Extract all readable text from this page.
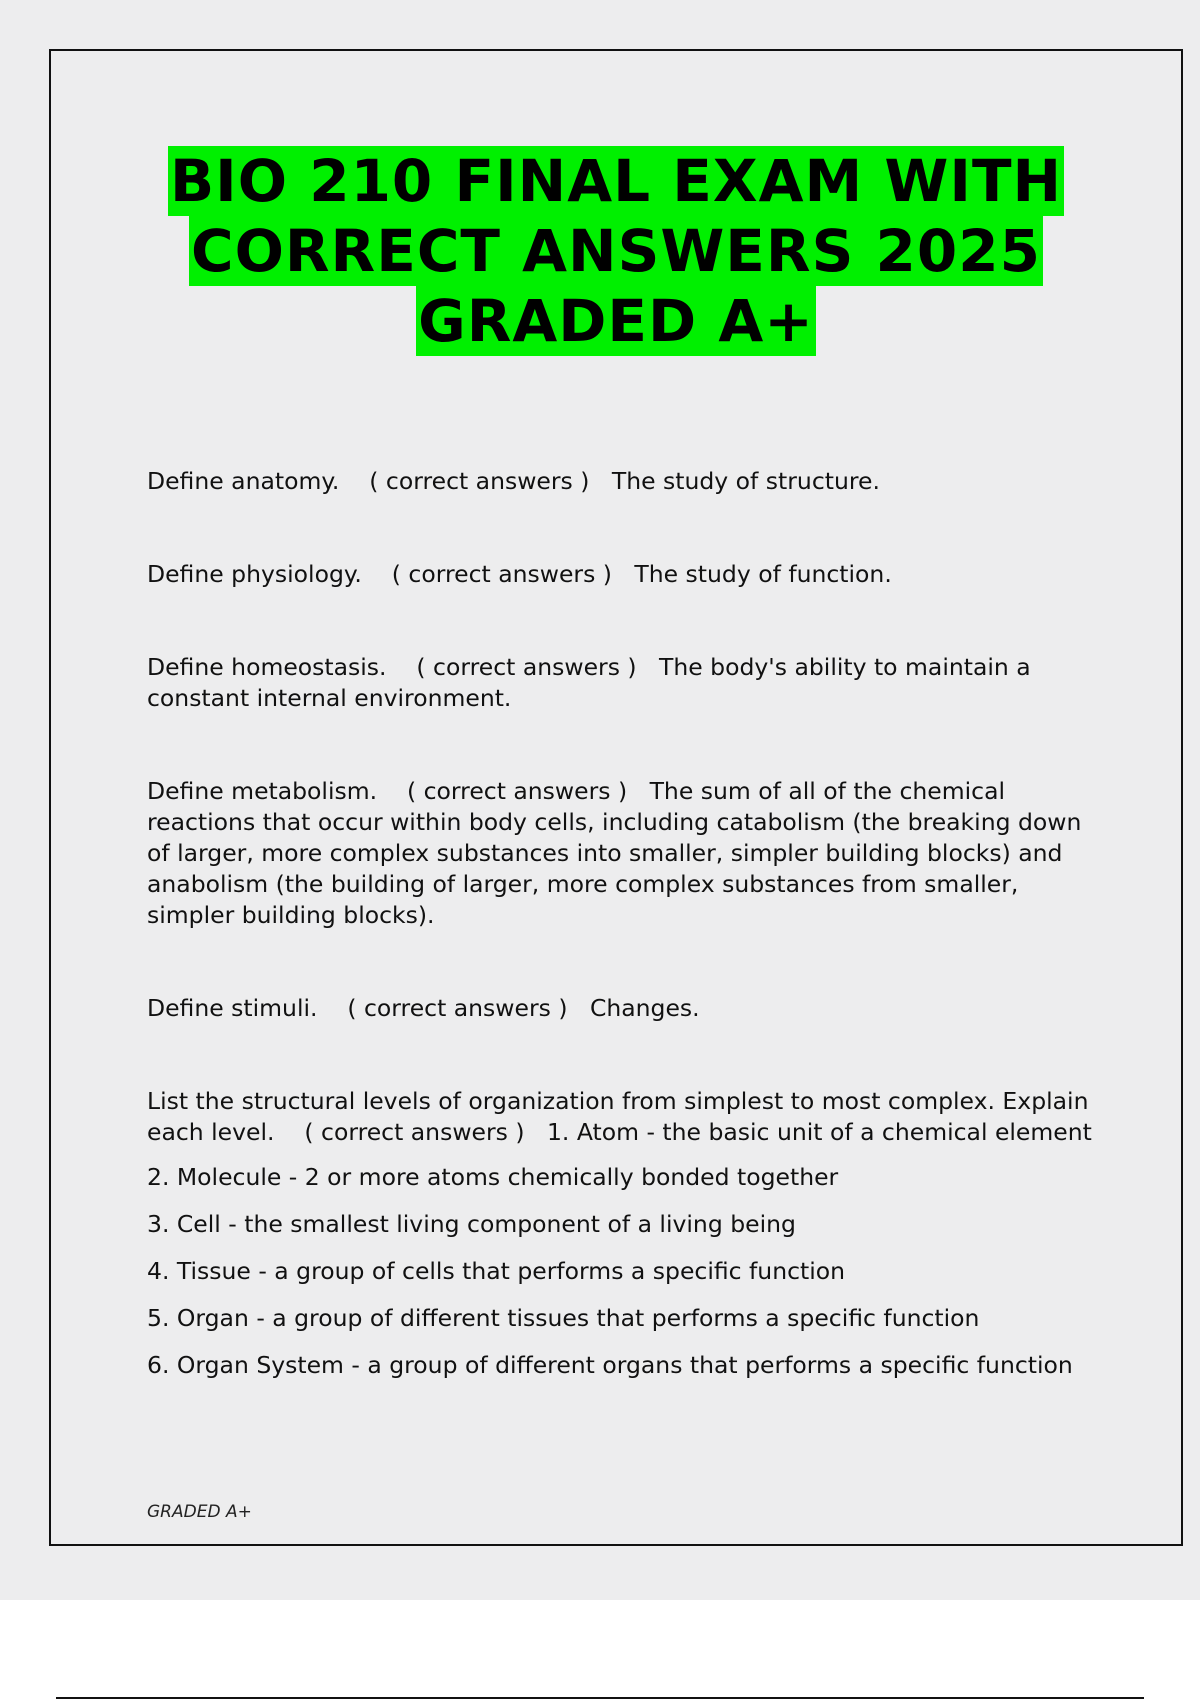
BIO 210 FINAL EXAM WITH
CORRECT ANSWERS 2025
GRADED A+

Define anatomy. ( correct answers ) The study of structure.

Define physiology. ( correct answers ) The study of function.

Define homeostasis. ( correct answers ) The body's ability to maintain a constant internal environment.

Define metabolism. ( correct answers ) The sum of all of the chemical reactions that occur within body cells, including catabolism (the breaking down of larger, more complex substances into smaller, simpler building blocks) and anabolism (the building of larger, more complex substances from smaller, simpler building blocks).

Define stimuli. ( correct answers ) Changes.

List the structural levels of organization from simplest to most complex. Explain each level. ( correct answers ) 1. Atom - the basic unit of a chemical element

2. Molecule - 2 or more atoms chemically bonded together

3. Cell - the smallest living component of a living being

4. Tissue - a group of cells that performs a specific function

5. Organ - a group of different tissues that performs a specific function

6. Organ System - a group of different organs that performs a specific function

GRADED A+
